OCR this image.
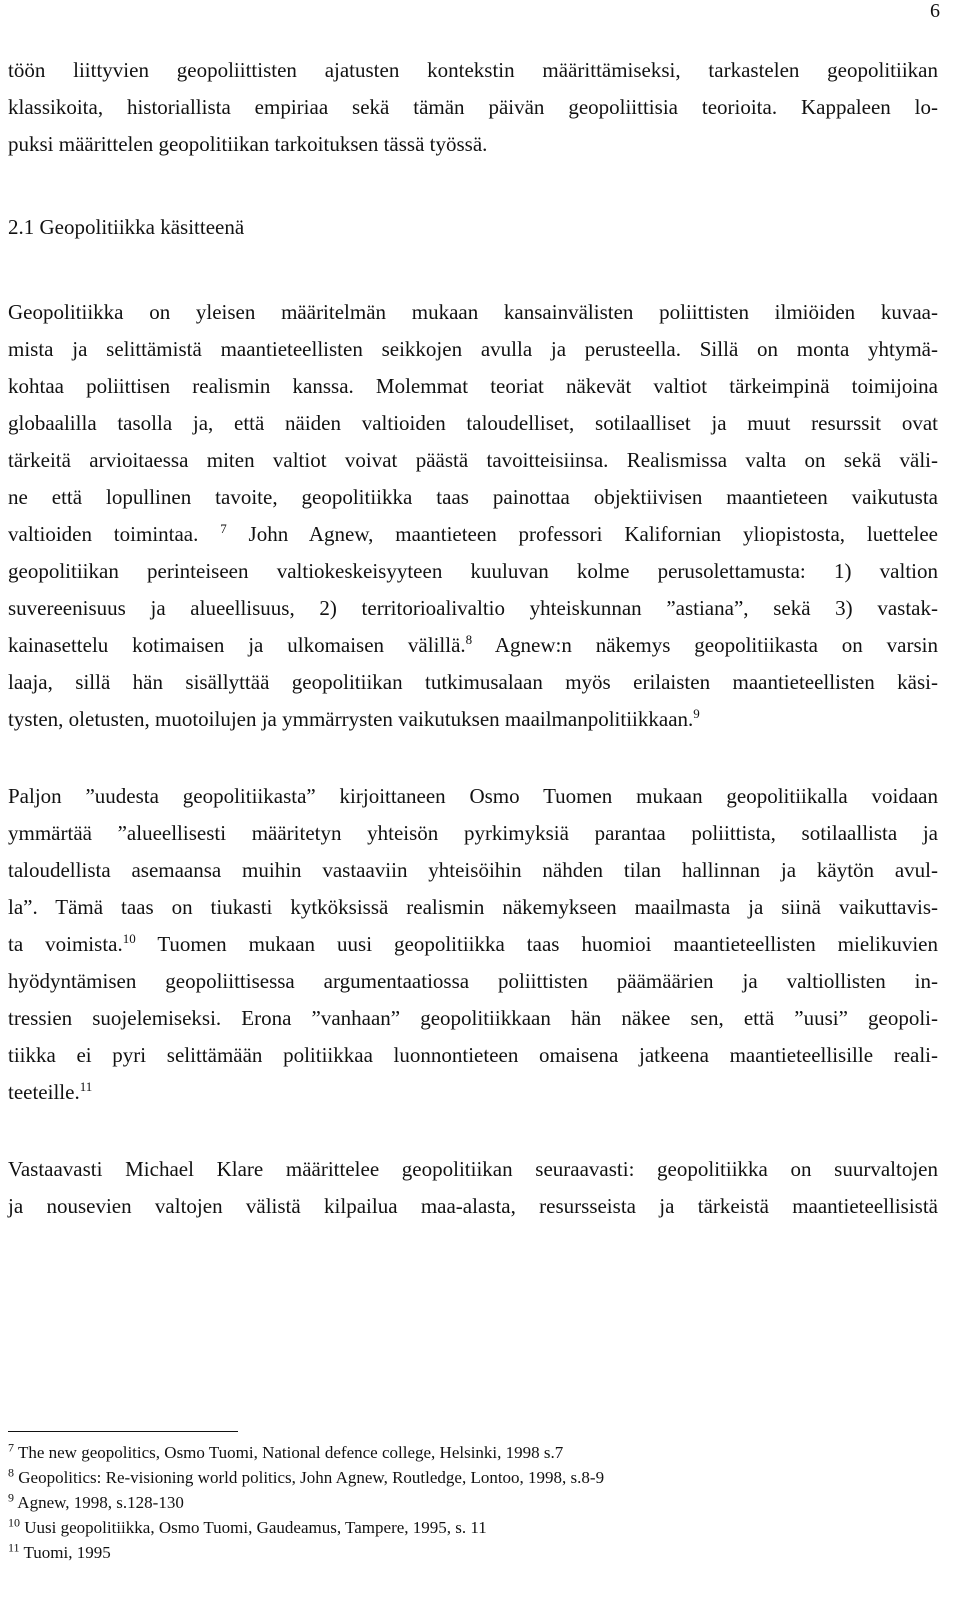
6

töön liittyvien geopoliittisten ajatusten kontekstin määrittämiseksi, tarkastelen geopolitiikan
klassikoita, historiallista empiriaa sekä tämän päivän geopoliittisia teorioita. Kappaleen lo-
puksi määrittelen geopolitiikan tarkoituksen tässä työssä.

2.1 Geopolitiikka käsitteenä

Geopolitiikka on yleisen määritelmän mukaan kansainvälisten poliittisten ilmiöiden kuvaa-
mista ja selittämistä maantieteellisten seikkojen avulla ja perusteella. Sillä on monta yhtymä-
kohtaa poliittisen realismin kanssa. Molemmat teoriat näkevät valtiot tärkeimpinä toimijoina
globaalilla tasolla ja, että näiden valtioiden taloudelliset, sotilaalliset ja muut resurssit ovat
tärkeitä arvioitaessa miten valtiot voivat päästä tavoitteisiinsa. Realismissa valta on sekä väli-
ne että lopullinen tavoite, geopolitiikka taas painottaa objektiivisen maantieteen vaikutusta
valtioiden toimintaa. $^7$ John Agnew, maantieteen professori Kalifornian yliopistosta, luettelee
geopolitiikan perinteiseen valtiokeskeisyyteen kuuluvan kolme perusolettamusta: 1) valtion
suvereenisuus ja alueellisuus, 2) territorioalivaltio yhteiskunnan ”astiana”, sekä 3) vastak-
kainasettelu kotimaisen ja ulkomaisen välillä.$^8$ Agnew:n näkemys geopolitiikasta on varsin
laaja, sillä hän sisällyttää geopolitiikan tutkimusalaan myös erilaisten maantieteellisten käsi-
tysten, oletusten, muotoilujen ja ymmärrysten vaikutuksen maailmanpolitiikkaan.$^9$

Paljon ”uudesta geopolitiikasta” kirjoittaneen Osmo Tuomen mukaan geopolitiikalla voidaan
ymmärtää ”alueellisesti määritetyn yhteisön pyrkimyksiä parantaa poliittista, sotilaallista ja
taloudellista asemaansa muihin vastaaviin yhteisöihin nähden tilan hallinnan ja käytön avul-
la”. Tämä taas on tiukasti kytköksissä realismin näkemykseen maailmasta ja siinä vaikuttavis-
ta voimista.$^{10}$ Tuomen mukaan uusi geopolitiikka taas huomioi maantieteellisten mielikuvien
hyödyntämisen geopoliittisessa argumentaatiossa poliittisten päämäärien ja valtiollisten in-
tressien suojelemiseksi. Erona ”vanhaan” geopolitiikkaan hän näkee sen, että ”uusi” geopoli-
tiikka ei pyri selittämään politiikkaa luonnontieteen omaisena jatkeena maantieteellisille reali-
teeteille.$^{11}$

Vastaavasti Michael Klare määrittelee geopolitiikan seuraavasti: geopolitiikka on suurvaltojen
ja nousevien valtojen välistä kilpailua maa-alasta, resursseista ja tärkeistä maantieteellisistä

$^7$ The new geopolitics, Osmo Tuomi, National defence college, Helsinki, 1998 s.7

$^8$ Geopolitics: Re-visioning world politics, John Agnew, Routledge, Lontoo, 1998, s.8-9

$^9$ Agnew, 1998, s.128-130

$^{10}$ Uusi geopolitiikka, Osmo Tuomi, Gaudeamus, Tampere, 1995, s. 11

$^{11}$ Tuomi, 1995
